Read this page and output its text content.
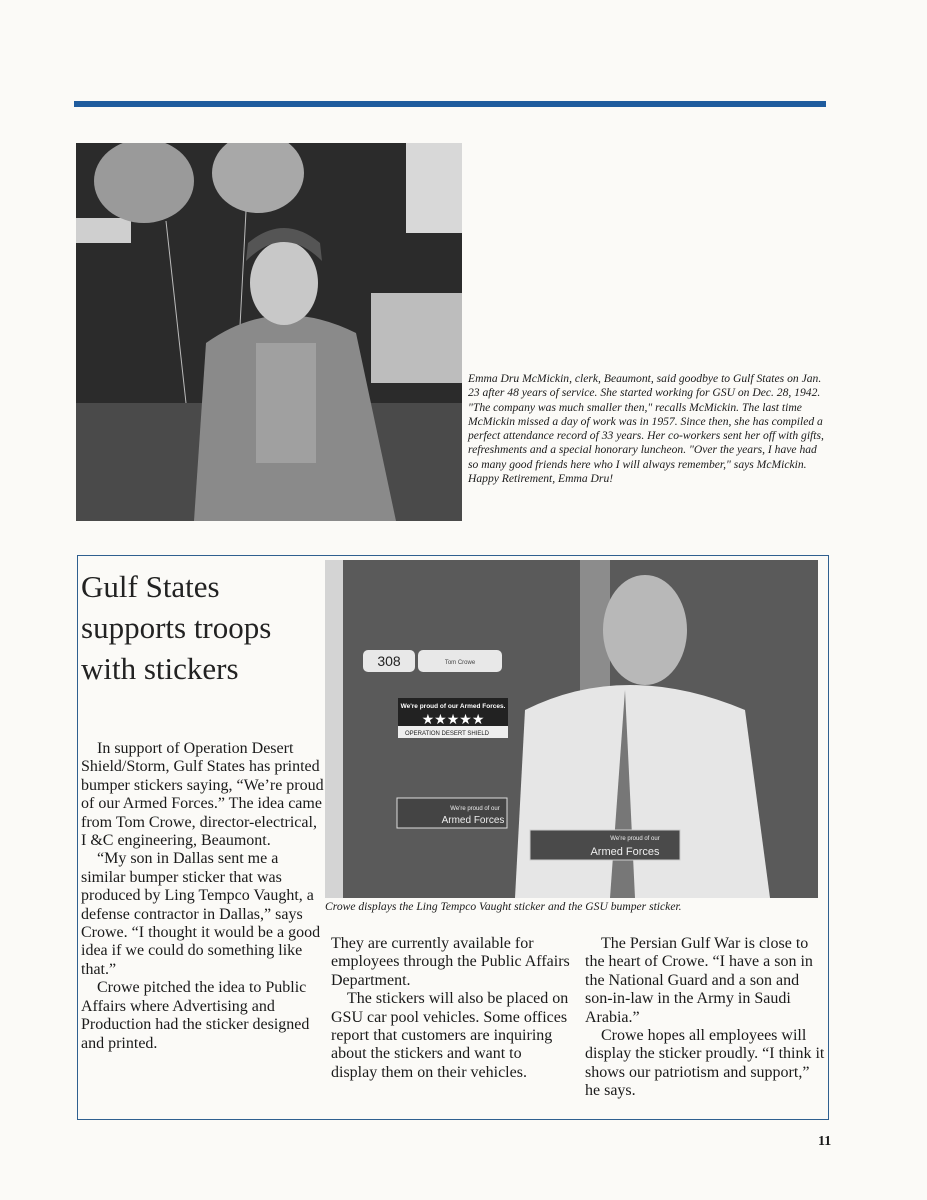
Emma Dru McMickin, clerk, Beaumont, said goodbye to Gulf States on Jan. 23 after 48 years of service. She started working for GSU on Dec. 28, 1942. "The company was much smaller then," recalls McMickin. The last time McMickin missed a day of work was in 1957. Since then, she has compiled a perfect attendance record of 33 years. Her co-workers sent her off with gifts, refreshments and a special honorary luncheon. "Over the years, I have had so many good friends here who I will always remember," says McMickin. Happy Retirement, Emma Dru!
Gulf States supports troops with stickers	308	Tom Crowe
We're proud of our Armed Forces.
★★★★★
OPERATION DESERT SHIELD
We're proud of our
Armed Forces
We're proud of our
Armed Forces
Crowe displays the Ling Tempco Vaught sticker and the GSU bumper sticker.

In support of Operation Desert Shield/Storm, Gulf States has printed bumper stickers saying, “We’re proud of our Armed Forces.” The idea came from Tom Crowe, director-electrical, I &C engineering, Beaumont.

“My son in Dallas sent me a similar bumper sticker that was produced by Ling Tempco Vaught, a defense contractor in Dallas,” says Crowe. “I thought it would be a good idea if we could do something like that.”

Crowe pitched the idea to Public Affairs where Advertising and Production had the sticker designed and printed.

They are currently available for employees through the Public Affairs Department.

The stickers will also be placed on GSU car pool vehicles. Some offices report that customers are inquiring about the stickers and want to display them on their vehicles.

The Persian Gulf War is close to the heart of Crowe. “I have a son in the National Guard and a son and son-in-law in the Army in Saudi Arabia.”

Crowe hopes all employees will display the sticker proudly. “I think it shows our patriotism and support,” he says.

11
